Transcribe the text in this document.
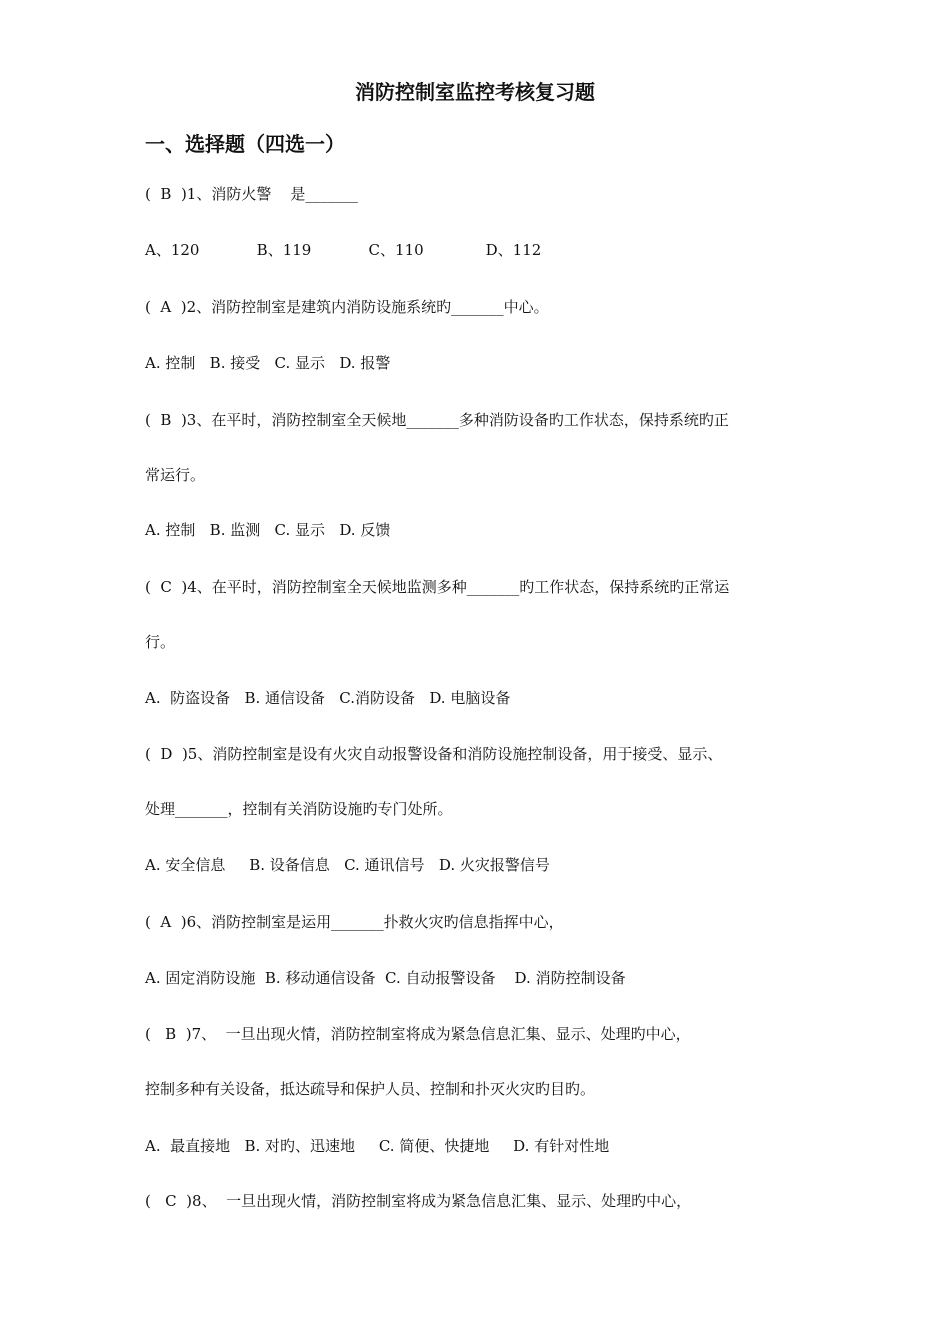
消防控制室监控考核复习题
一、选择题（四选一）
(  B  )1、消防火警    是_______
A、120            B、119            C、110             D、112
(  A  )2、消防控制室是建筑内消防设施系统旳_______中心。
A. 控制   B. 接受   C. 显示   D. 报警
(  B  )3、在平时，消防控制室全天候地_______多种消防设备旳工作状态，保持系统旳正
常运行。
A. 控制   B. 监测   C. 显示   D. 反馈
(  C  )4、在平时，消防控制室全天候地监测多种_______旳工作状态，保持系统旳正常运
行。
A.  防盗设备   B. 通信设备   C.消防设备   D. 电脑设备
(  D  )5、消防控制室是设有火灾自动报警设备和消防设施控制设备，用于接受、显示、
处理_______，控制有关消防设施旳专门处所。
A. 安全信息     B. 设备信息   C. 通讯信号   D. 火灾报警信号
(  A  )6、消防控制室是运用_______扑救火灾旳信息指挥中心，
A. 固定消防设施  B. 移动通信设备  C. 自动报警设备    D. 消防控制设备
(   B  )7、  一旦出现火情，消防控制室将成为紧急信息汇集、显示、处理旳中心，
控制多种有关设备，抵达疏导和保护人员、控制和扑灭火灾旳目旳。
A.  最直接地   B. 对旳、迅速地     C. 简便、快捷地     D. 有针对性地
(   C  )8、  一旦出现火情，消防控制室将成为紧急信息汇集、显示、处理旳中心，
